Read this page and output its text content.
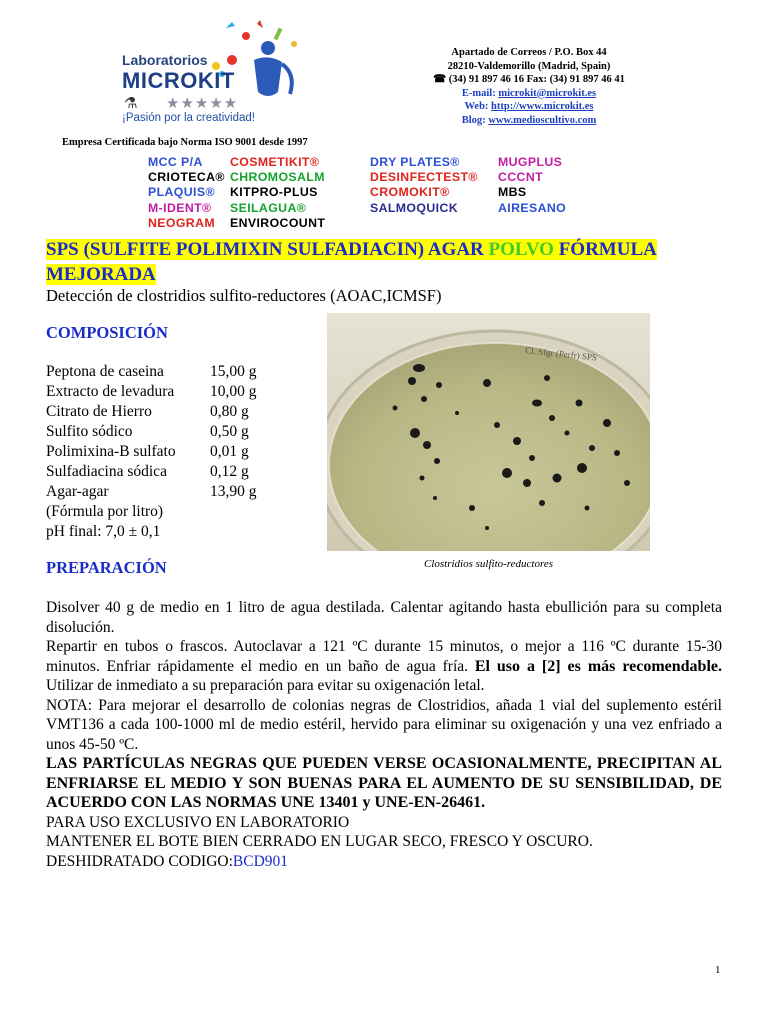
Laboratorios
MICROKIT
⚗ ★★★★★
¡Pasión por la creatividad!
Apartado de Correos / P.O. Box 44
28210-Valdemorillo (Madrid, Spain)
☎ (34) 91 897 46 16 Fax: (34) 91 897 46 41
E-mail: microkit@microkit.es
Web: http://www.microkit.es
Blog: www.medioscultivo.com
Empresa Certificada bajo Norma ISO 9001 desde 1997
MCC P/A COSMETIKIT®	DRY PLATES®	MUGPLUS
CRIOTECA® CHROMOSALM	DESINFECTEST® CCCNT
PLAQUIS® KITPRO-PLUS	CROMOKIT®	MBS
M-IDENT® SEILAGUA®	SALMOQUICK	AIRESANO
NEOGRAM ENVIROCOUNT
SPS (SULFITE POLIMIXIN SULFADIACIN) AGAR POLVO FÓRMULA MEJORADA
Detección de clostridios sulfito-reductores (AOAC,ICMSF)
COMPOSICIÓN
Peptona de caseina	15,00 g
Extracto de levadura	10,00 g
Citrato de Hierro	0,80 g
Sulfito sódico	0,50 g
Polimixina-B sulfato	0,01 g
Sulfadiacina sódica	0,12 g
Agar-agar	13,90 g
(Fórmula por litro)
pH final: 7,0 ± 0,1
Cl. Sfgr (Perfr) SPS
Clostridios sulfito-reductores
PREPARACIÓN

Disolver 40 g de medio en 1 litro de agua destilada. Calentar agitando hasta ebullición para su completa disolución.

Repartir en tubos o frascos. Autoclavar a 121 ºC durante 15 minutos, o mejor a 116 ºC durante 15-30 minutos. Enfriar rápidamente el medio en un baño de agua fría. El uso a [2] es más recomendable. Utilizar de inmediato a su preparación para evitar su oxigenación letal.

NOTA: Para mejorar el desarrollo de colonias negras de Clostridios, añada 1 vial del suplemento estéril VMT136 a cada 100-1000 ml de medio estéril, hervido para eliminar su oxigenación y una vez enfriado a unos 45-50 ºC.

LAS PARTÍCULAS NEGRAS QUE PUEDEN VERSE OCASIONALMENTE, PRECIPITAN AL ENFRIARSE EL MEDIO Y SON BUENAS PARA EL AUMENTO DE SU SENSIBILIDAD, DE ACUERDO CON LAS NORMAS UNE 13401 y UNE-EN-26461.

PARA USO EXCLUSIVO EN LABORATORIO

MANTENER EL BOTE BIEN CERRADO EN LUGAR SECO, FRESCO Y OSCURO.

DESHIDRATADO CODIGO:BCD901

1
